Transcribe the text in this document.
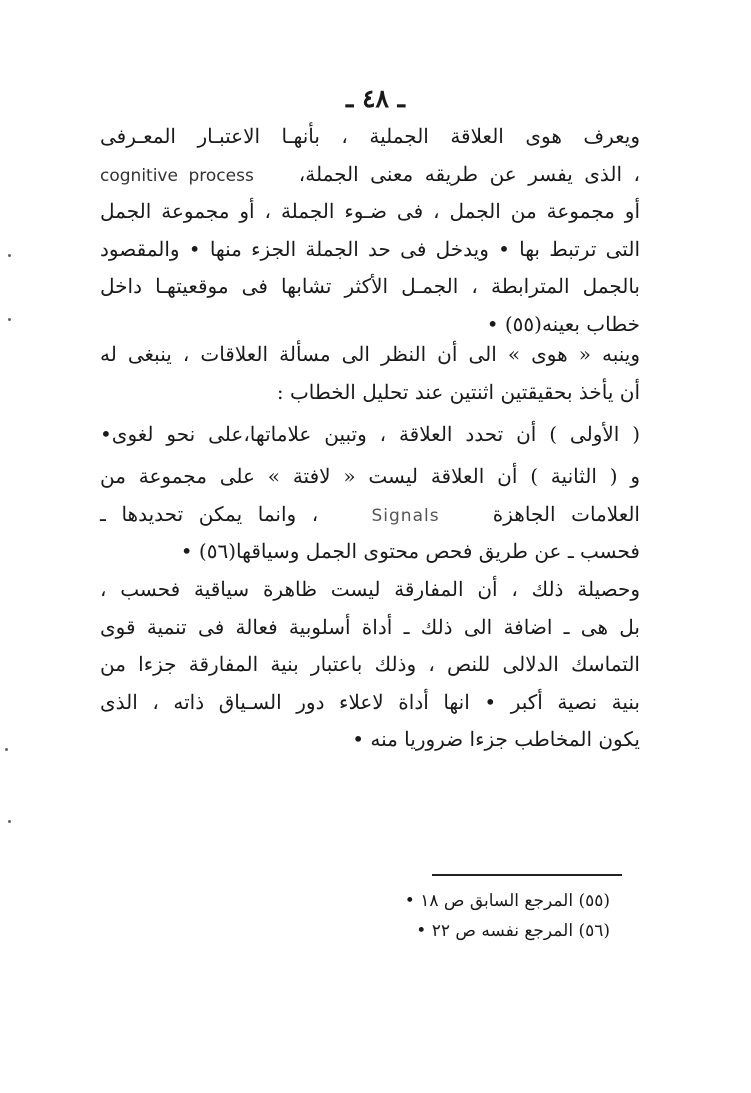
ـ ٤٨ ـ
ويعرف هوى العلاقة الجملية ، بأنهـا الاعتبـار المعـرفى
، الذى يفسر عن طريقه معنى الجملة،  cognitive process
أو مجموعة من الجمل ، فى ضـوء الجملة ، أو مجموعة الجمل
التى ترتبط بها • ويدخل فى حد الجملة الجزء منها • والمقصود
بالجمل المترابطة ، الجمـل الأكثر تشابها فى موقعيتهـا داخل
خطاب بعينه(٥٥) •
وينبه « هوى » الى أن النظر الى مسألة العلاقات ، ينبغى له
أن يأخذ بحقيقتين اثنتين عند تحليل الخطاب :
( الأولى ) أن تحدد العلاقة ، وتبين علاماتها،على نحو لغوى•
و ( الثانية ) أن العلاقة ليست « لافتة » على مجموعة من
العلامات الجاهزة  Signals  ، وانما يمكن تحديدها ـ
فحسب ـ عن طريق فحص محتوى الجمل وسياقها(٥٦) •
وحصيلة ذلك ، أن المفارقة ليست ظاهرة سياقية فحسب ،
بل هى ـ اضافة الى ذلك ـ أداة أسلوبية فعالة فى تنمية قوى
التماسك الدلالى للنص ، وذلك باعتبار بنية المفارقة جزءا من
بنية نصية أكبر • انها أداة لاعلاء دور السـياق ذاته ، الذى
يكون المخاطب جزءا ضروريا منه •
(٥٥) المرجع السابق ص ١٨ •
(٥٦) المرجع نفسه ص ٢٢ •
